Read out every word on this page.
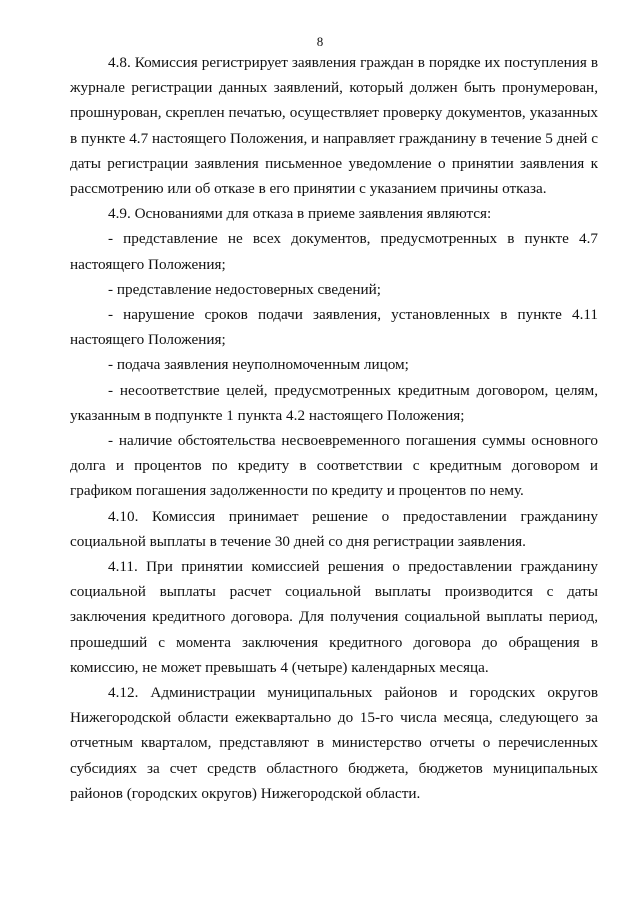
8

4.8. Комиссия регистрирует заявления граждан в порядке их поступления в журнале регистрации данных заявлений, который должен быть пронумерован, прошнурован, скреплен печатью, осуществляет проверку документов, указанных в пункте 4.7 настоящего Положения, и направляет гражданину в течение 5 дней с даты регистрации заявления письменное уведомление о принятии заявления к рассмотрению или об отказе в его принятии с указанием причины отказа.

4.9. Основаниями для отказа в приеме заявления являются:

- представление не всех документов, предусмотренных в пункте 4.7 настоящего Положения;

- представление недостоверных сведений;

- нарушение сроков подачи заявления, установленных в пункте 4.11 настоящего Положения;

- подача заявления неуполномоченным лицом;

- несоответствие целей, предусмотренных кредитным договором, целям, указанным в подпункте 1 пункта 4.2 настоящего Положения;

- наличие обстоятельства несвоевременного погашения суммы основного долга и процентов по кредиту в соответствии с кредитным договором и графиком погашения задолженности по кредиту и процентов по нему.

4.10. Комиссия принимает решение о предоставлении гражданину социальной выплаты в течение 30 дней со дня регистрации заявления.

4.11. При принятии комиссией решения о предоставлении гражданину социальной выплаты расчет социальной выплаты производится с даты заключения кредитного договора. Для получения социальной выплаты период, прошедший с момента заключения кредитного договора до обращения в комиссию, не может превышать 4 (четыре) календарных месяца.

4.12. Администрации муниципальных районов и городских округов Нижегородской области ежеквартально до 15-го числа месяца, следующего за отчетным кварталом, представляют в министерство отчеты о перечисленных субсидиях за счет средств областного бюджета, бюджетов муниципальных районов (городских округов) Нижегородской области.
